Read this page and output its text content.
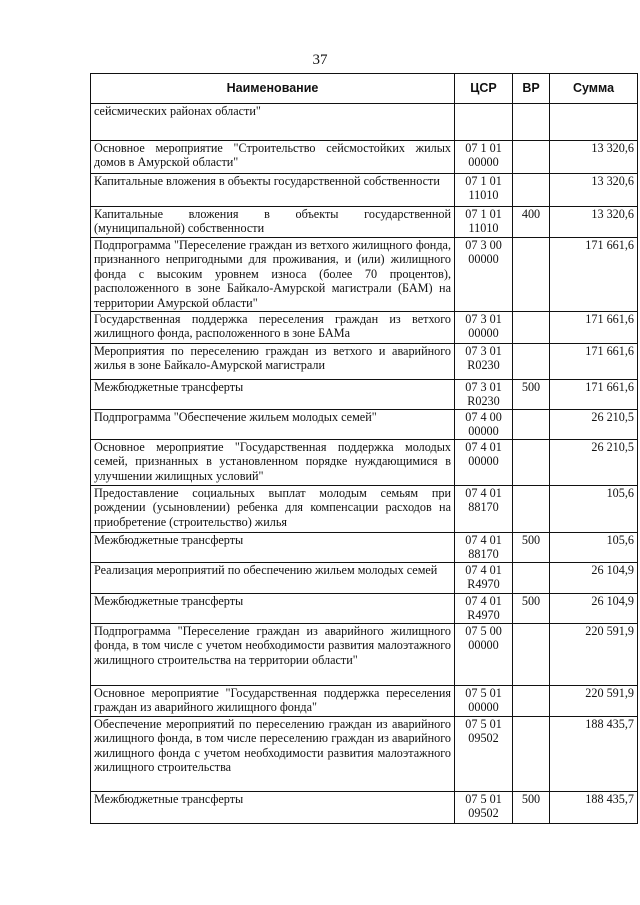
37
Наименование	ЦСР	ВР	Сумма
сейсмических районах области"			
Основное мероприятие "Строительство сейсмостойких жилых домов в Амурской области"	07 1 01 00000		13 320,6
Капитальные вложения в объекты государственной собственности	07 1 01 11010		13 320,6
Капитальные вложения в объекты государственной (муниципальной) собственности	07 1 01 11010	400	13 320,6
Подпрограмма "Переселение граждан из ветхого жилищного фонда, признанного непригодными для проживания, и (или) жилищного фонда с высоким уровнем износа (более 70 процентов), расположенного в зоне Байкало-Амурской магистрали (БАМ) на территории Амурской области"	07 3 00 00000		171 661,6
Государственная поддержка переселения граждан из ветхого жилищного фонда, расположенного в зоне БАМа	07 3 01 00000		171 661,6
Мероприятия по переселению граждан из ветхого и аварийного жилья в зоне Байкало-Амурской магистрали	07 3 01 R0230		171 661,6
Межбюджетные трансферты	07 3 01 R0230	500	171 661,6
Подпрограмма "Обеспечение жильем молодых семей"	07 4 00 00000		26 210,5
Основное мероприятие "Государственная поддержка молодых семей, признанных в установленном порядке нуждающимися в улучшении жилищных условий"	07 4 01 00000		26 210,5
Предоставление социальных выплат молодым семьям при рождении (усыновлении) ребенка для компенсации расходов на приобретение (строительство) жилья	07 4 01 88170		105,6
Межбюджетные трансферты	07 4 01 88170	500	105,6
Реализация мероприятий по обеспечению жильем молодых семей	07 4 01 R4970		26 104,9
Межбюджетные трансферты	07 4 01 R4970	500	26 104,9
Подпрограмма "Переселение граждан из аварийного жилищного фонда, в том числе с учетом необходимости развития малоэтажного жилищного строительства на территории области"	07 5 00 00000		220 591,9
Основное мероприятие "Государственная поддержка переселения граждан из аварийного жилищного фонда"	07 5 01 00000		220 591,9
Обеспечение мероприятий по переселению граждан из аварийного жилищного фонда, в том числе переселению граждан из аварийного жилищного фонда с учетом необходимости развития малоэтажного жилищного строительства	07 5 01 09502		188 435,7
Межбюджетные трансферты	07 5 01 09502	500	188 435,7
